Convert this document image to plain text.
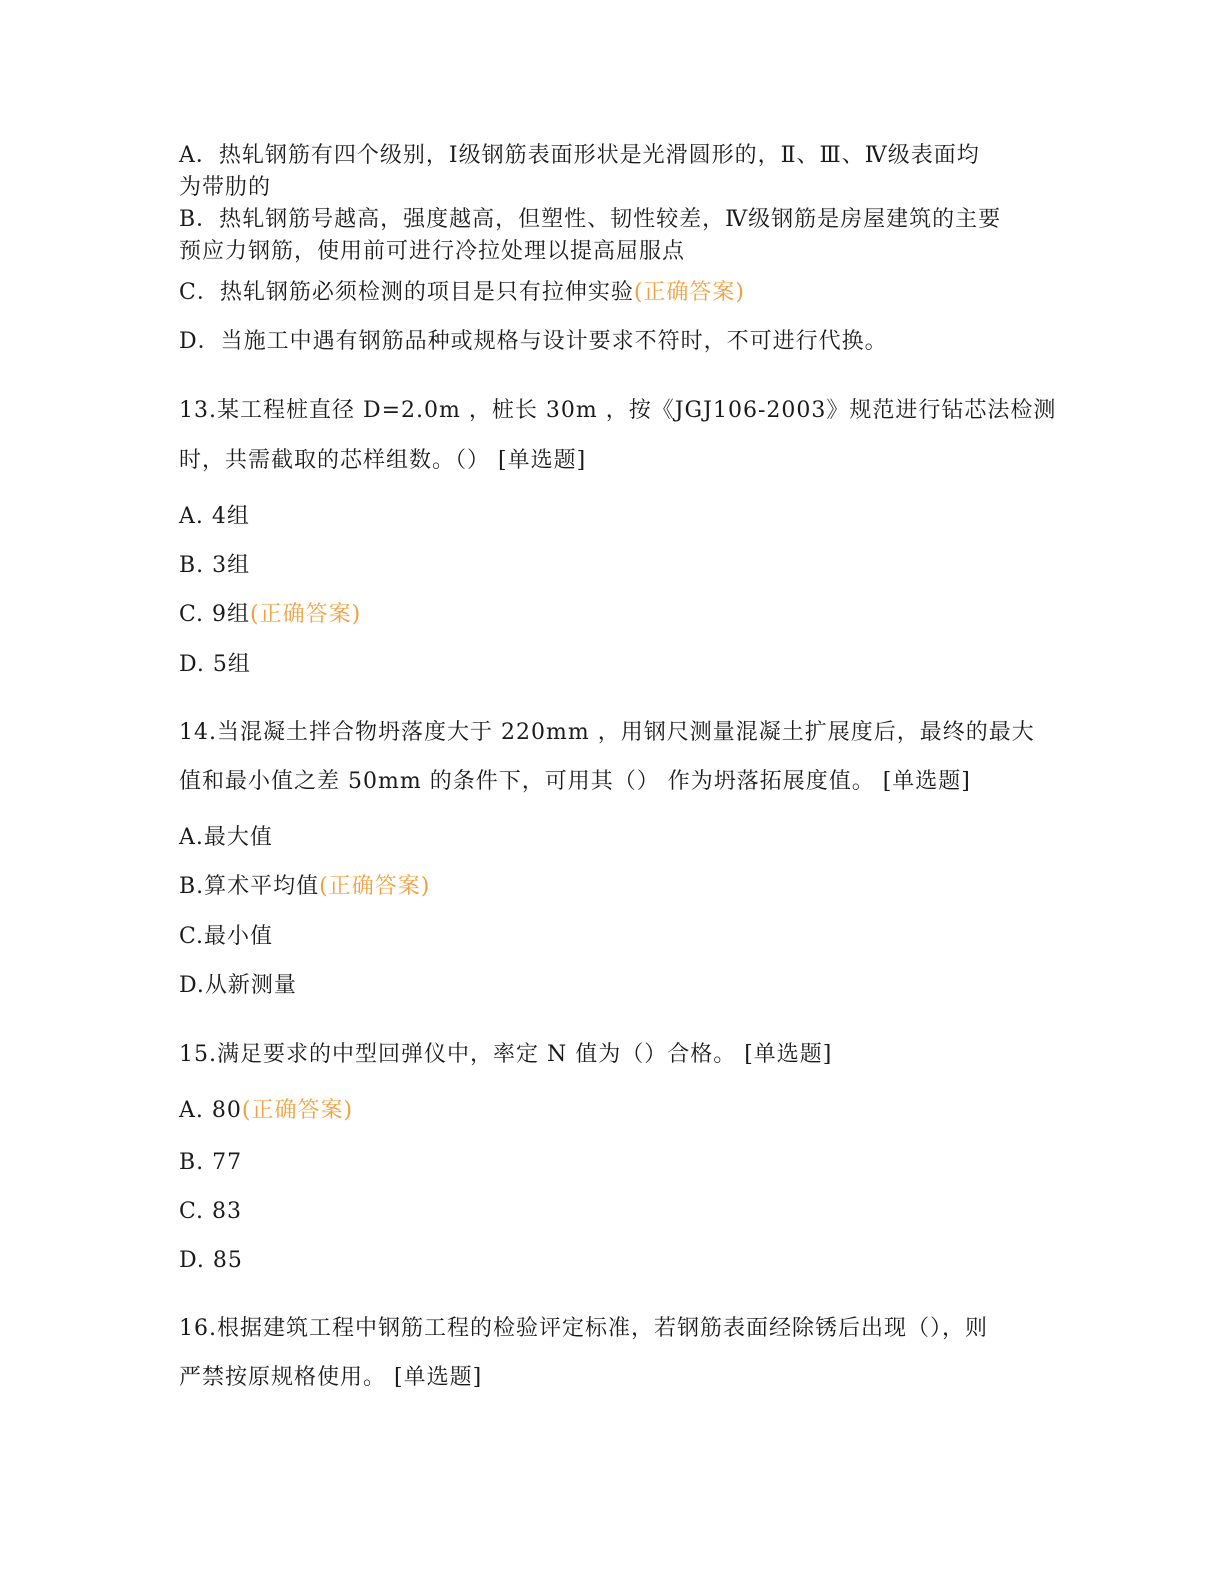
A．热轧钢筋有四个级别，Ⅰ级钢筋表面形状是光滑圆形的，Ⅱ、Ⅲ、Ⅳ级表面均
为带肋的
B．热轧钢筋号越高，强度越高，但塑性、韧性较差，Ⅳ级钢筋是房屋建筑的主要
预应力钢筋，使用前可进行冷拉处理以提高屈服点
C．热轧钢筋必须检测的项目是只有拉伸实验(正确答案)
D．当施工中遇有钢筋品种或规格与设计要求不符时，不可进行代换。
13.某工程桩直径 D=2.0m ，桩长 30m ，按《JGJ106-2003》规范进行钻芯法检测
时，共需截取的芯样组数。（） [单选题]
A. 4组
B. 3组
C. 9组(正确答案)
D. 5组
14.当混凝土拌合物坍落度大于 220mm ，用钢尺测量混凝土扩展度后，最终的最大
值和最小值之差 50mm 的条件下，可用其（） 作为坍落拓展度值。 [单选题]
A.最大值
B.算术平均值(正确答案)
C.最小值
D.从新测量
15.满足要求的中型回弹仪中，率定 N 值为（）合格。 [单选题]
A. 80(正确答案)
B. 77
C. 83
D. 85
16.根据建筑工程中钢筋工程的检验评定标准，若钢筋表面经除锈后出现（），则
严禁按原规格使用。 [单选题]
